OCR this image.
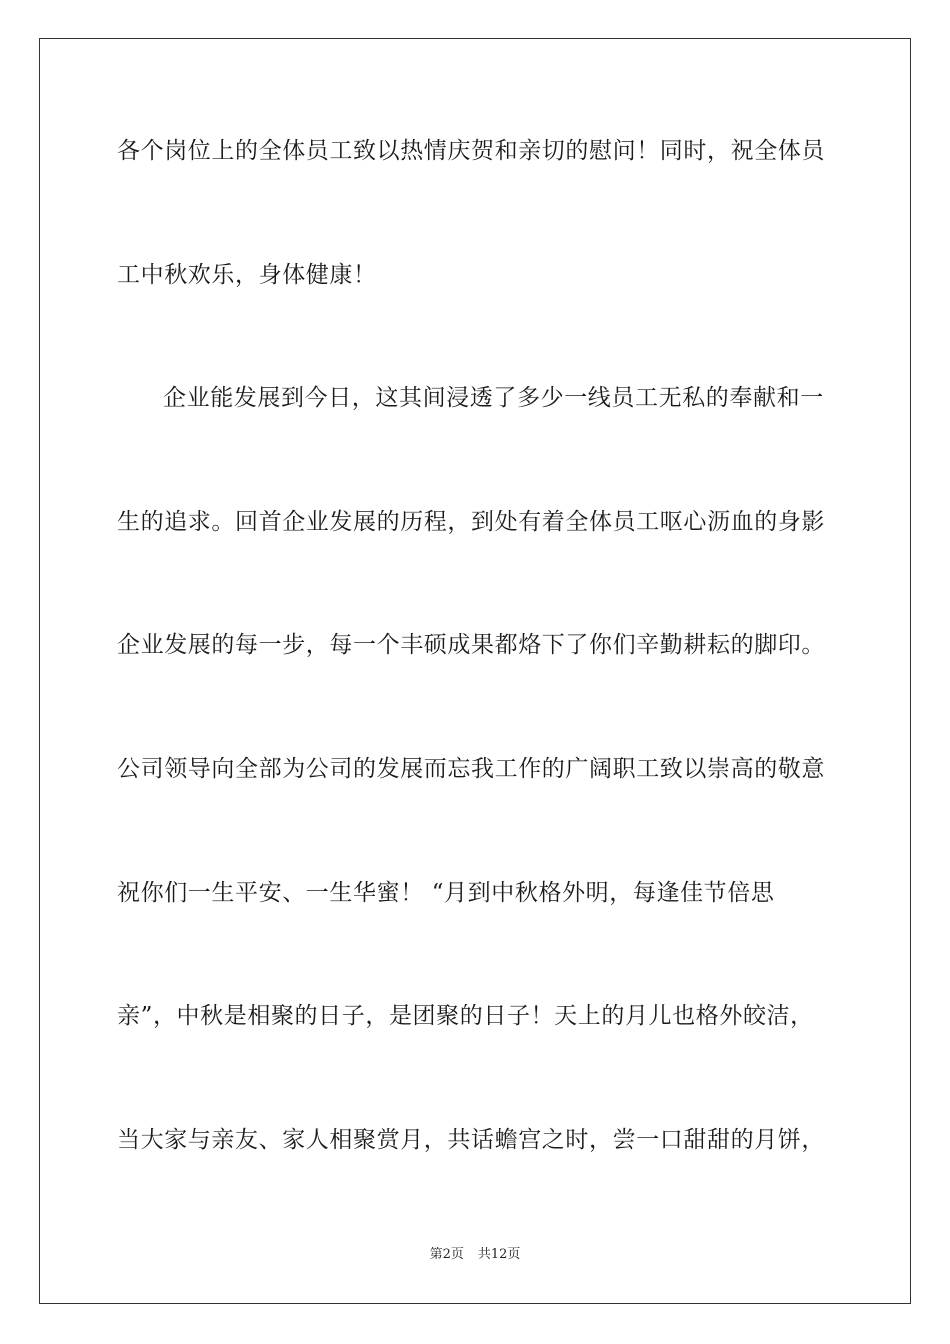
各个岗位上的全体员工致以热情庆贺和亲切的慰问！同时，祝全体员
工中秋欢乐，身体健康！
企业能发展到今日，这其间浸透了多少一线员工无私的奉献和一
生的追求。回首企业发展的历程，到处有着全体员工呕心沥血的身影
企业发展的每一步，每一个丰硕成果都烙下了你们辛勤耕耘的脚印。
公司领导向全部为公司的发展而忘我工作的广阔职工致以崇高的敬意
祝你们一生平安、一生华蜜！ “月到中秋格外明，每逢佳节倍思
亲”，中秋是相聚的日子，是团聚的日子！天上的月儿也格外皎洁，
当大家与亲友、家人相聚赏月，共话蟾宫之时，尝一口甜甜的月饼，
第2页 共12页
